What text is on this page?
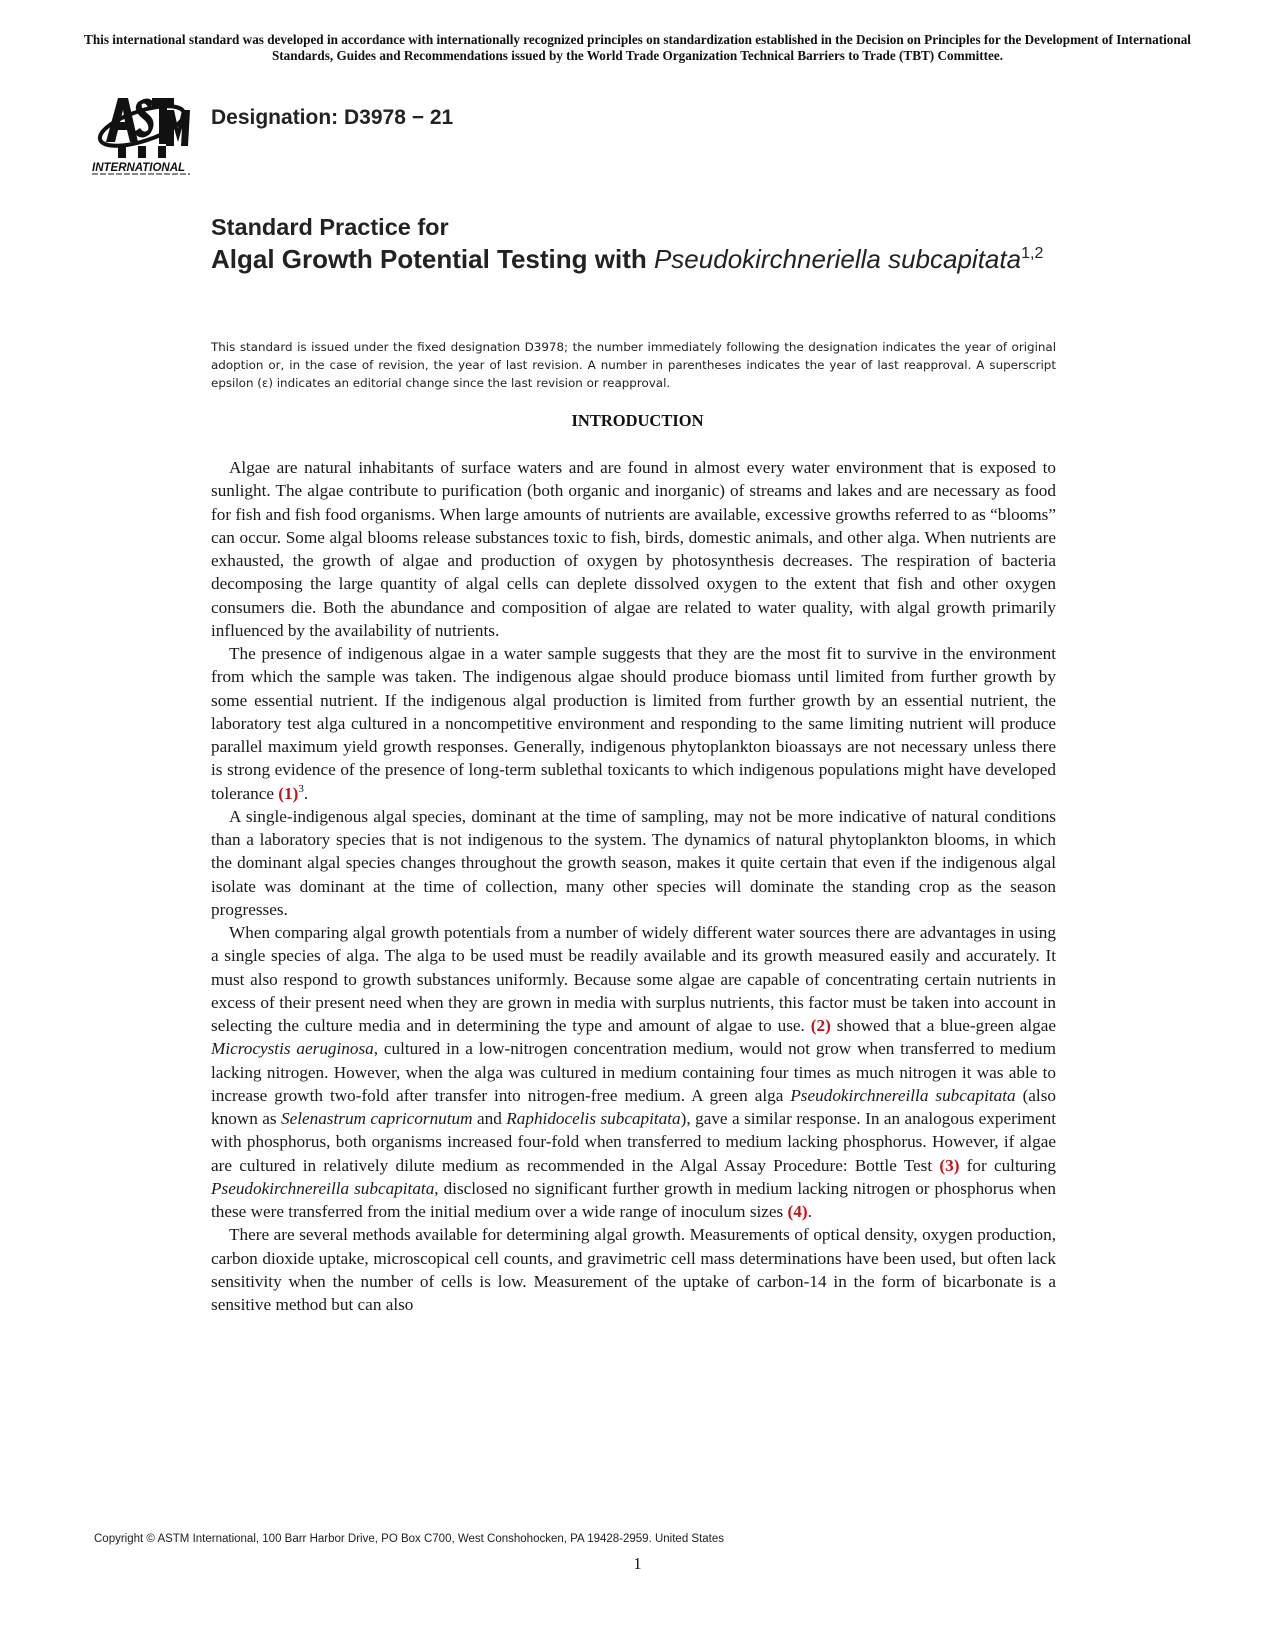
This international standard was developed in accordance with internationally recognized principles on standardization established in the Decision on Principles for the Development of International Standards, Guides and Recommendations issued by the World Trade Organization Technical Barriers to Trade (TBT) Committee.
INTERNATIONAL
Designation: D3978 − 21
Standard Practice for
Algal Growth Potential Testing with Pseudokirchneriella subcapitata$^{1,2}$
This standard is issued under the fixed designation D3978; the number immediately following the designation indicates the year of original adoption or, in the case of revision, the year of last revision. A number in parentheses indicates the year of last reapproval. A superscript epsilon (ε) indicates an editorial change since the last revision or reapproval.
INTRODUCTION

Algae are natural inhabitants of surface waters and are found in almost every water environment that is exposed to sunlight. The algae contribute to purification (both organic and inorganic) of streams and lakes and are necessary as food for fish and fish food organisms. When large amounts of nutrients are available, excessive growths referred to as “blooms” can occur. Some algal blooms release substances toxic to fish, birds, domestic animals, and other alga. When nutrients are exhausted, the growth of algae and production of oxygen by photosynthesis decreases. The respiration of bacteria decomposing the large quantity of algal cells can deplete dissolved oxygen to the extent that fish and other oxygen consumers die. Both the abundance and composition of algae are related to water quality, with algal growth primarily influenced by the availability of nutrients.

The presence of indigenous algae in a water sample suggests that they are the most fit to survive in the environment from which the sample was taken. The indigenous algae should produce biomass until limited from further growth by some essential nutrient. If the indigenous algal production is limited from further growth by an essential nutrient, the laboratory test alga cultured in a noncompetitive environment and responding to the same limiting nutrient will produce parallel maximum yield growth responses. Generally, indigenous phytoplankton bioassays are not necessary unless there is strong evidence of the presence of long-term sublethal toxicants to which indigenous populations might have developed tolerance $(1)^3$.

A single-indigenous algal species, dominant at the time of sampling, may not be more indicative of natural conditions than a laboratory species that is not indigenous to the system. The dynamics of natural phytoplankton blooms, in which the dominant algal species changes throughout the growth season, makes it quite certain that even if the indigenous algal isolate was dominant at the time of collection, many other species will dominate the standing crop as the season progresses.

When comparing algal growth potentials from a number of widely different water sources there are advantages in using a single species of alga. The alga to be used must be readily available and its growth measured easily and accurately. It must also respond to growth substances uniformly. Because some algae are capable of concentrating certain nutrients in excess of their present need when they are grown in media with surplus nutrients, this factor must be taken into account in selecting the culture media and in determining the type and amount of algae to use. (2) showed that a blue-green algae Microcystis aeruginosa, cultured in a low-nitrogen concentration medium, would not grow when transferred to medium lacking nitrogen. However, when the alga was cultured in medium containing four times as much nitrogen it was able to increase growth two-fold after transfer into nitrogen-free medium. A green alga Pseudokirchnereilla subcapitata (also known as Selenastrum capricornutum and Raphidocelis subcapitata), gave a similar response. In an analogous experiment with phosphorus, both organisms increased four-fold when transferred to medium lacking phosphorus. However, if algae are cultured in relatively dilute medium as recommended in the Algal Assay Procedure: Bottle Test (3) for culturing Pseudokirchnereilla subcapitata, disclosed no significant further growth in medium lacking nitrogen or phosphorus when these were transferred from the initial medium over a wide range of inoculum sizes (4).

There are several methods available for determining algal growth. Measurements of optical density, oxygen production, carbon dioxide uptake, microscopical cell counts, and gravimetric cell mass determinations have been used, but often lack sensitivity when the number of cells is low. Measurement of the uptake of carbon-14 in the form of bicarbonate is a sensitive method but can also

Copyright © ASTM International, 100 Barr Harbor Drive, PO Box C700, West Conshohocken, PA 19428-2959. United States
1
